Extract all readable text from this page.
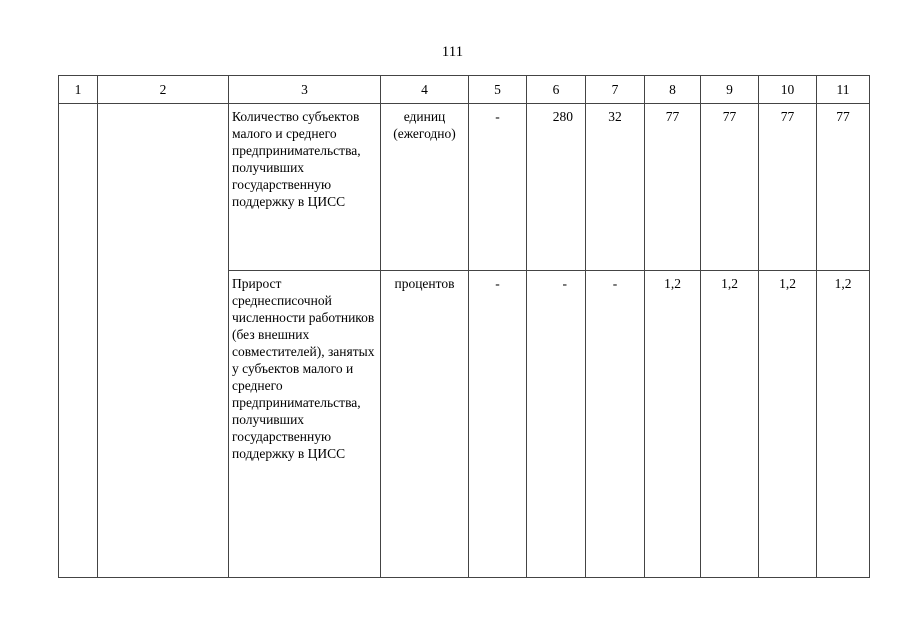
111
1	2	3	4	5	6	7	8	9	10	11
		Количество субъектов малого и среднего предпринимательства, получивших государственную поддержку в ЦИСС	единиц (ежегодно)	-	280	32	77	77	77	77
		Прирост среднесписочной численности работников (без внешних совместителей), занятых у субъектов малого и среднего предпринимательства, получивших государственную поддержку в ЦИСС	процентов	-	-	-	1,2	1,2	1,2	1,2
